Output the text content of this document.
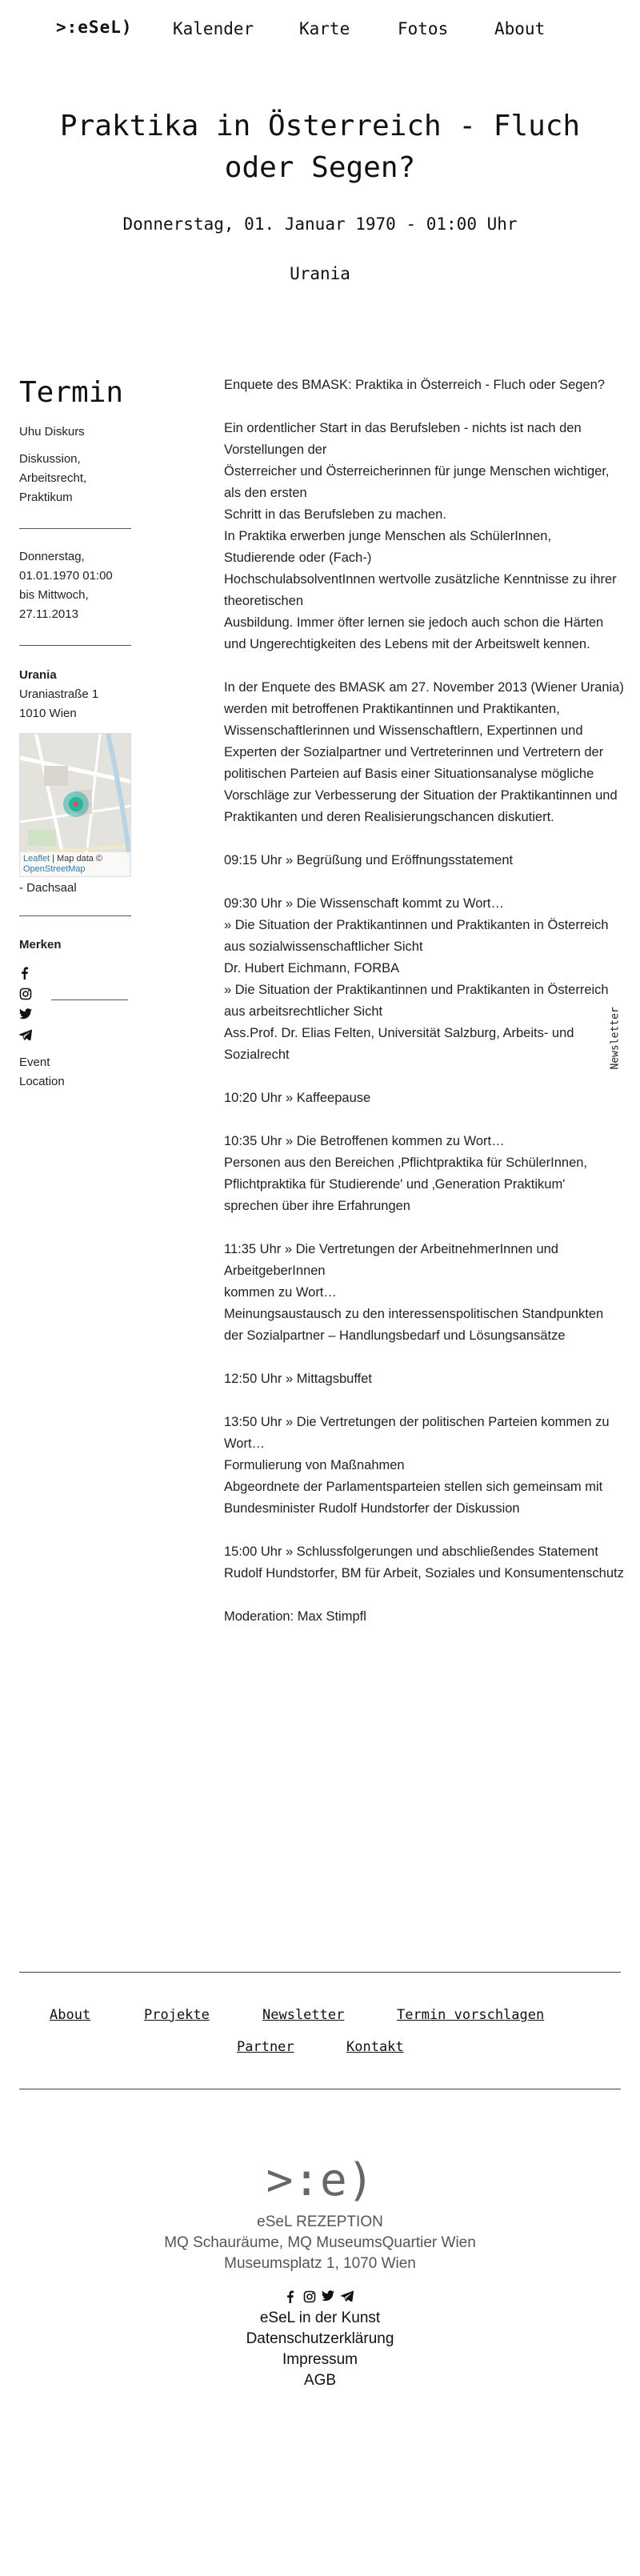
>:eSeL) Kalender	Karte	Fotos	About
Praktika in Österreich - Fluch oder Segen?
Donnerstag, 01. Januar 1970 - 01:00 Uhr
Urania
Termin
Uhu Diskurs
Diskussion,
Arbeitsrecht,
Praktikum
Donnerstag,
01.01.1970 01:00
bis Mittwoch,
27.11.2013
Urania
Uraniastraße 1
1010 Wien
Leaflet | Map data ©
OpenStreetMap
- Dachsaal
Merken
Event
Location

Enquete des BMASK: Praktika in Österreich - Fluch oder Segen?

Ein ordentlicher Start in das Berufsleben - nichts ist nach den Vorstellungen der
Österreicher und Österreicherinnen für junge Menschen wichtiger, als den ersten
Schritt in das Berufsleben zu machen.
In Praktika erwerben junge Menschen als SchülerInnen, Studierende oder (Fach-)
HochschulabsolventInnen wertvolle zusätzliche Kenntnisse zu ihrer theoretischen
Ausbildung. Immer öfter lernen sie jedoch auch schon die Härten und Ungerechtigkeiten des Lebens mit der Arbeitswelt kennen.

In der Enquete des BMASK am 27. November 2013 (Wiener Urania) werden mit betroffenen Praktikantinnen und Praktikanten, Wissenschaftlerinnen und Wissenschaftlern, Expertinnen und Experten der Sozialpartner und Vertreterinnen und Vertretern der politischen Parteien auf Basis einer Situationsanalyse mögliche Vorschläge zur Verbesserung der Situation der Praktikantinnen und Praktikanten und deren Realisierungschancen diskutiert.

09:15 Uhr » Begrüßung und Eröffnungsstatement

09:30 Uhr » Die Wissenschaft kommt zu Wort…
» Die Situation der Praktikantinnen und Praktikanten in Österreich
aus sozialwissenschaftlicher Sicht
Dr. Hubert Eichmann, FORBA
» Die Situation der Praktikantinnen und Praktikanten in Österreich
aus arbeitsrechtlicher Sicht
Ass.Prof. Dr. Elias Felten, Universität Salzburg, Arbeits- und Sozialrecht

10:20 Uhr » Kaffeepause

10:35 Uhr » Die Betroffenen kommen zu Wort…
Personen aus den Bereichen ‚Pflichtpraktika für SchülerInnen,
Pflichtpraktika für Studierende' und ‚Generation Praktikum'
sprechen über ihre Erfahrungen

11:35 Uhr » Die Vertretungen der ArbeitnehmerInnen und ArbeitgeberInnen
kommen zu Wort…
Meinungsaustausch zu den interessenspolitischen Standpunkten
der Sozialpartner – Handlungsbedarf und Lösungsansätze

12:50 Uhr » Mittagsbuffet

13:50 Uhr » Die Vertretungen der politischen Parteien kommen zu Wort…
Formulierung von Maßnahmen
Abgeordnete der Parlamentsparteien stellen sich gemeinsam mit
Bundesminister Rudolf Hundstorfer der Diskussion

15:00 Uhr » Schlussfolgerungen und abschließendes Statement
Rudolf Hundstorfer, BM für Arbeit, Soziales und Konsumentenschutz

Moderation: Max Stimpfl

Newsletter
About	Projekte	Newsletter	Termin vorschlagen
Partner	Kontakt
>:e)
eSeL REZEPTION
MQ Schauräume, MQ MuseumsQuartier Wien
Museumsplatz 1, 1070 Wien
eSeL in der Kunst
Datenschutzerklärung
Impressum
AGB
